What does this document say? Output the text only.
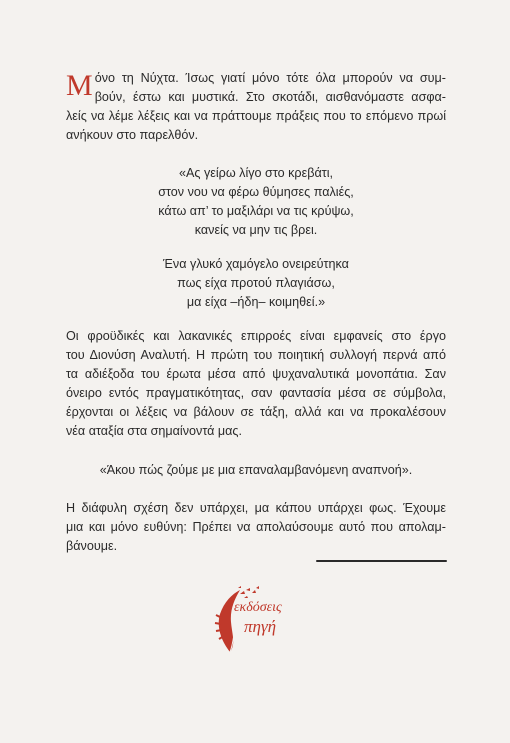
Μ όνο τη Νύχτα. Ίσως γιατί μόνο τότε όλα μπορούν να συμ-
βούν, έστω και μυστικά. Στο σκοτάδι, αισθανόμαστε ασφα-
λείς να λέμε λέξεις και να πράττουμε πράξεις που το επόμενο πρωί
ανήκουν στο παρελθόν.
«Ας γείρω λίγο στο κρεβάτι,
στον νου να φέρω θύμησες παλιές,
κάτω απ’ το μαξιλάρι να τις κρύψω,
κανείς να μην τις βρει.
Ένα γλυκό χαμόγελο ονειρεύτηκα
πως είχα προτού πλαγιάσω,
μα είχα –ήδη– κοιμηθεί.»
Οι φροϋδικές και λακανικές επιρροές είναι εμφανείς στο έργο
του Διονύση Αναλυτή. Η πρώτη του ποιητική συλλογή περνά από
τα αδιέξοδα του έρωτα μέσα από ψυχαναλυτικά μονοπάτια. Σαν
όνειρο εντός πραγματικότητας, σαν φαντασία μέσα σε σύμβολα,
έρχονται οι λέξεις να βάλουν σε τάξη, αλλά και να προκαλέσουν
νέα αταξία στα σημαίνοντά μας.
«Άκου πώς ζούμε με μια επαναλαμβανόμενη αναπνοή».
Η διάφυλη σχέση δεν υπάρχει, μα κάπου υπάρχει φως. Έχουμε
μια και μόνο ευθύνη: Πρέπει να απολαύσουμε αυτό που απολαμ-
βάνουμε.
εκδόσεις
πηγή
